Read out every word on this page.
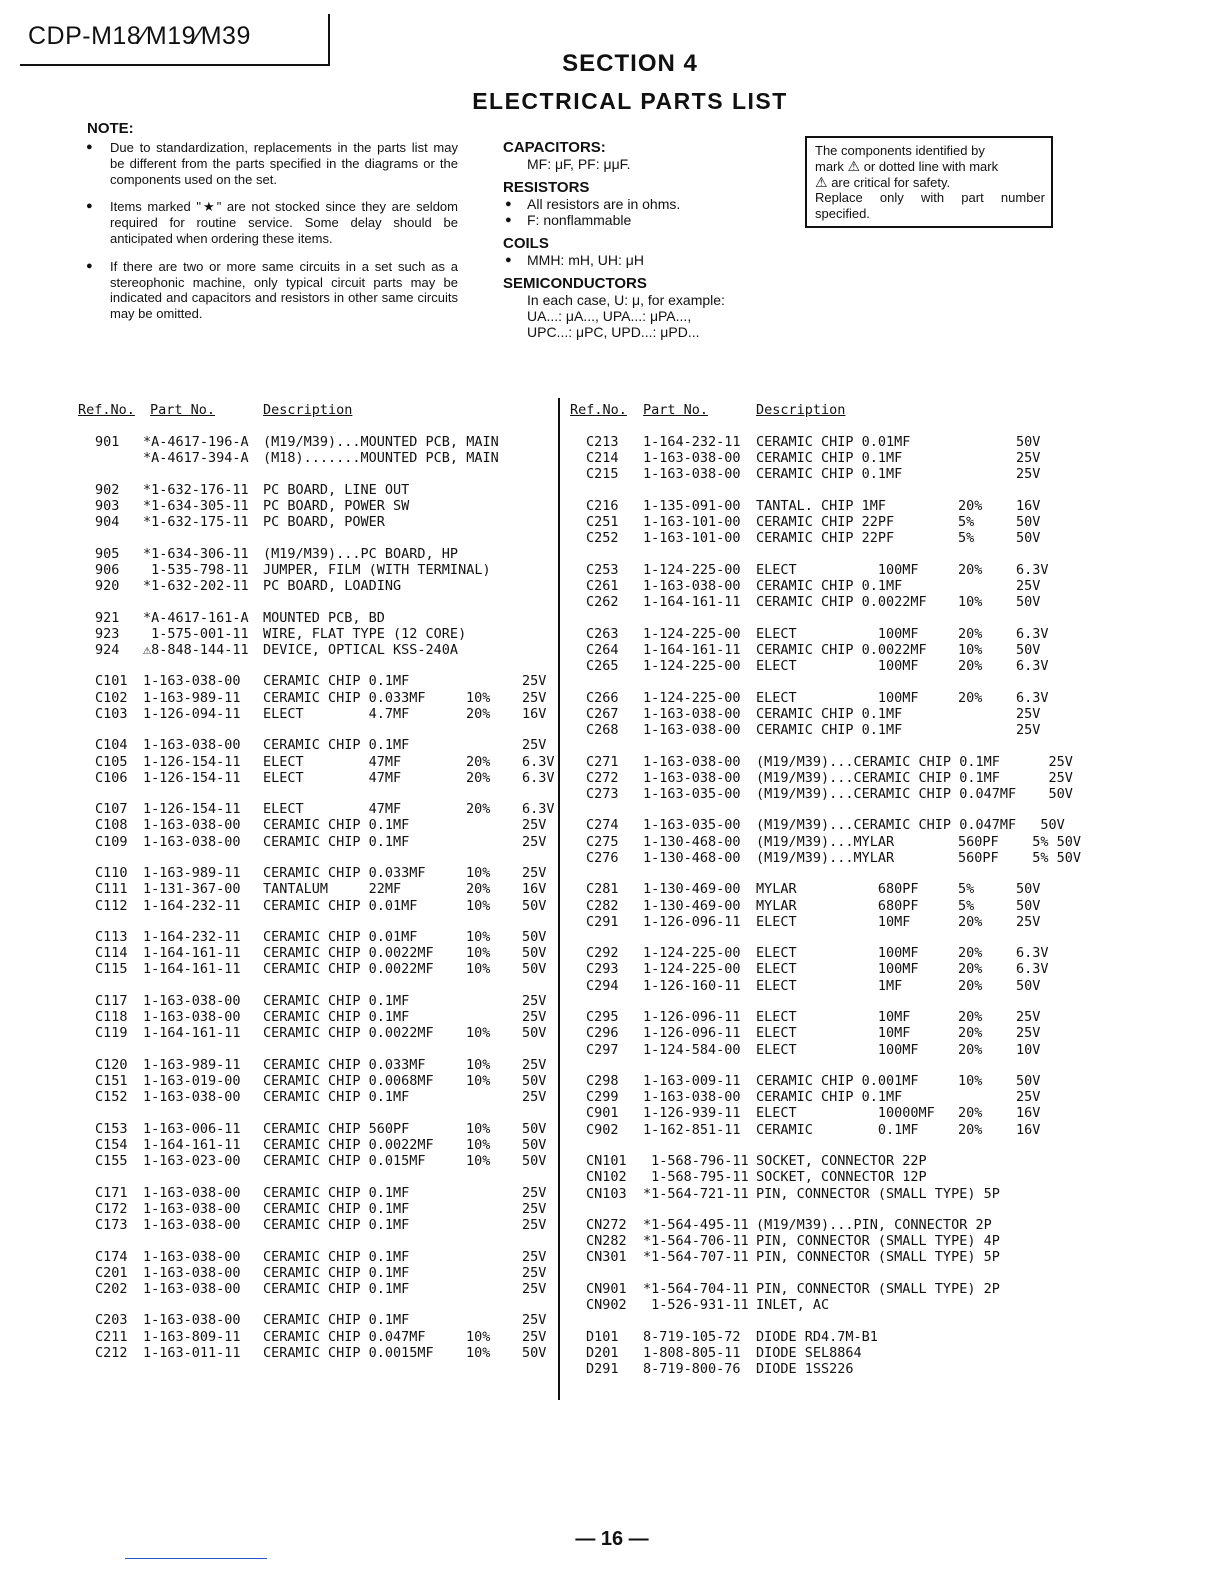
CDP-M18∕M19∕M39
SECTION 4
ELECTRICAL PARTS LIST
NOTE:
● Due to standardization, replacements in the parts list may be different from the parts specified in the diagrams or the components used on the set.
● Items marked "★" are not stocked since they are seldom required for routine service. Some delay should be anticipated when ordering these items.
● If there are two or more same circuits in a set such as a stereophonic machine, only typical circuit parts may be indicated and capacitors and resistors in other same circuits may be omitted.
CAPACITORS:
MF: μF, PF: μμF.
RESISTORS
● All resistors are in ohms.
● F: nonflammable
COILS
● MMH: mH, UH: μH
SEMICONDUCTORS
In each case, U: μ, for example:
UA...: μA..., UPA...: μPA...,
UPC...: μPC, UPD...: μPD...
The components identified by
mark ⚠ or dotted line with mark
⚠ are critical for safety.
Replace only with part number specified.
Ref.No. Part No.	Description	Ref.No. Part No.	Description
901 *A-4617-196-A (M19/M39)...MOUNTED PCB, MAIN
*A-4617-394-A (M18).......MOUNTED PCB, MAIN
902 *1-632-176-11 PC BOARD, LINE OUT
903 *1-634-305-11 PC BOARD, POWER SW
904 *1-632-175-11 PC BOARD, POWER
905 *1-634-306-11 (M19/M39)...PC BOARD, HP
906 1-535-798-11 JUMPER, FILM (WITH TERMINAL)
920 *1-632-202-11 PC BOARD, LOADING
921 *A-4617-161-A MOUNTED PCB, BD
923 1-575-001-11 WIRE, FLAT TYPE (12 CORE)
924 ⚠8-848-144-11 DEVICE, OPTICAL KSS-240A
C101 1-163-038-00 CERAMIC CHIP 0.1MF	25V
C102 1-163-989-11 CERAMIC CHIP 0.033MF	10% 25V
C103 1-126-094-11 ELECT        4.7MF	20% 16V
C104 1-163-038-00 CERAMIC CHIP 0.1MF	25V
C105 1-126-154-11 ELECT        47MF	20% 6.3V
C106 1-126-154-11 ELECT        47MF	20% 6.3V
C107 1-126-154-11 ELECT        47MF	20% 6.3V
C108 1-163-038-00 CERAMIC CHIP 0.1MF	25V
C109 1-163-038-00 CERAMIC CHIP 0.1MF	25V
C110 1-163-989-11 CERAMIC CHIP 0.033MF	10% 25V
C111 1-131-367-00 TANTALUM     22MF	20% 16V
C112 1-164-232-11 CERAMIC CHIP 0.01MF	10% 50V
C113 1-164-232-11 CERAMIC CHIP 0.01MF	10% 50V
C114 1-164-161-11 CERAMIC CHIP 0.0022MF 10% 50V
C115 1-164-161-11 CERAMIC CHIP 0.0022MF 10% 50V
C117 1-163-038-00 CERAMIC CHIP 0.1MF	25V
C118 1-163-038-00 CERAMIC CHIP 0.1MF	25V
C119 1-164-161-11 CERAMIC CHIP 0.0022MF 10% 50V
C120 1-163-989-11 CERAMIC CHIP 0.033MF	10% 25V
C151 1-163-019-00 CERAMIC CHIP 0.0068MF 10% 50V
C152 1-163-038-00 CERAMIC CHIP 0.1MF	25V
C153 1-163-006-11 CERAMIC CHIP 560PF	10% 50V
C154 1-164-161-11 CERAMIC CHIP 0.0022MF 10% 50V
C155 1-163-023-00 CERAMIC CHIP 0.015MF	10% 50V
C171 1-163-038-00 CERAMIC CHIP 0.1MF	25V
C172 1-163-038-00 CERAMIC CHIP 0.1MF	25V
C173 1-163-038-00 CERAMIC CHIP 0.1MF	25V
C174 1-163-038-00 CERAMIC CHIP 0.1MF	25V
C201 1-163-038-00 CERAMIC CHIP 0.1MF	25V
C202 1-163-038-00 CERAMIC CHIP 0.1MF	25V
C203 1-163-038-00 CERAMIC CHIP 0.1MF	25V
C211 1-163-809-11 CERAMIC CHIP 0.047MF	10% 25V
C212 1-163-011-11 CERAMIC CHIP 0.0015MF 10% 50V
C213 1-164-232-11 CERAMIC CHIP 0.01MF	50V
C214 1-163-038-00 CERAMIC CHIP 0.1MF	25V
C215 1-163-038-00 CERAMIC CHIP 0.1MF	25V
C216 1-135-091-00 TANTAL. CHIP 1MF	20% 16V
C251 1-163-101-00 CERAMIC CHIP 22PF	5%	50V
C252 1-163-101-00 CERAMIC CHIP 22PF	5%	50V
C253 1-124-225-00 ELECT          100MF	20% 6.3V
C261 1-163-038-00 CERAMIC CHIP 0.1MF	25V
C262 1-164-161-11 CERAMIC CHIP 0.0022MF 10% 50V
C263 1-124-225-00 ELECT          100MF	20% 6.3V
C264 1-164-161-11 CERAMIC CHIP 0.0022MF 10% 50V
C265 1-124-225-00 ELECT          100MF	20% 6.3V
C266 1-124-225-00 ELECT          100MF	20% 6.3V
C267 1-163-038-00 CERAMIC CHIP 0.1MF	25V
C268 1-163-038-00 CERAMIC CHIP 0.1MF	25V
C271 1-163-038-00 (M19/M39)...CERAMIC CHIP 0.1MF 25V
C272 1-163-038-00 (M19/M39)...CERAMIC CHIP 0.1MF 25V
C273 1-163-035-00 (M19/M39)...CERAMIC CHIP 0.047MF 50V
C274 1-163-035-00 (M19/M39)...CERAMIC CHIP 0.047MF 50V
C275 1-130-468-00 (M19/M39)...MYLAR	560PF 5% 50V
C276 1-130-468-00 (M19/M39)...MYLAR	560PF 5% 50V
C281 1-130-469-00 MYLAR          680PF	5%	50V
C282 1-130-469-00 MYLAR          680PF	5%	50V
C291 1-126-096-11 ELECT          10MF	20% 25V
C292 1-124-225-00 ELECT          100MF	20% 6.3V
C293 1-124-225-00 ELECT          100MF	20% 6.3V
C294 1-126-160-11 ELECT          1MF	20% 50V
C295 1-126-096-11 ELECT          10MF	20% 25V
C296 1-126-096-11 ELECT          10MF	20% 25V
C297 1-124-584-00 ELECT          100MF	20% 10V
C298 1-163-009-11 CERAMIC CHIP 0.001MF	10% 50V
C299 1-163-038-00 CERAMIC CHIP 0.1MF	25V
C901 1-126-939-11 ELECT          10000MF 20% 16V
C902 1-162-851-11 CERAMIC        0.1MF	20% 16V
CN101 1-568-796-11 SOCKET, CONNECTOR 22P
CN102 1-568-795-11 SOCKET, CONNECTOR 12P
CN103 *1-564-721-11 PIN, CONNECTOR (SMALL TYPE) 5P
CN272 *1-564-495-11 (M19/M39)...PIN, CONNECTOR 2P
CN282 *1-564-706-11 PIN, CONNECTOR (SMALL TYPE) 4P
CN301 *1-564-707-11 PIN, CONNECTOR (SMALL TYPE) 5P
CN901 *1-564-704-11 PIN, CONNECTOR (SMALL TYPE) 2P
CN902 1-526-931-11 INLET, AC
D101 8-719-105-72 DIODE RD4.7M-B1
D201 1-808-805-11 DIODE SEL8864
D291 8-719-800-76 DIODE 1SS226
— 16 —
